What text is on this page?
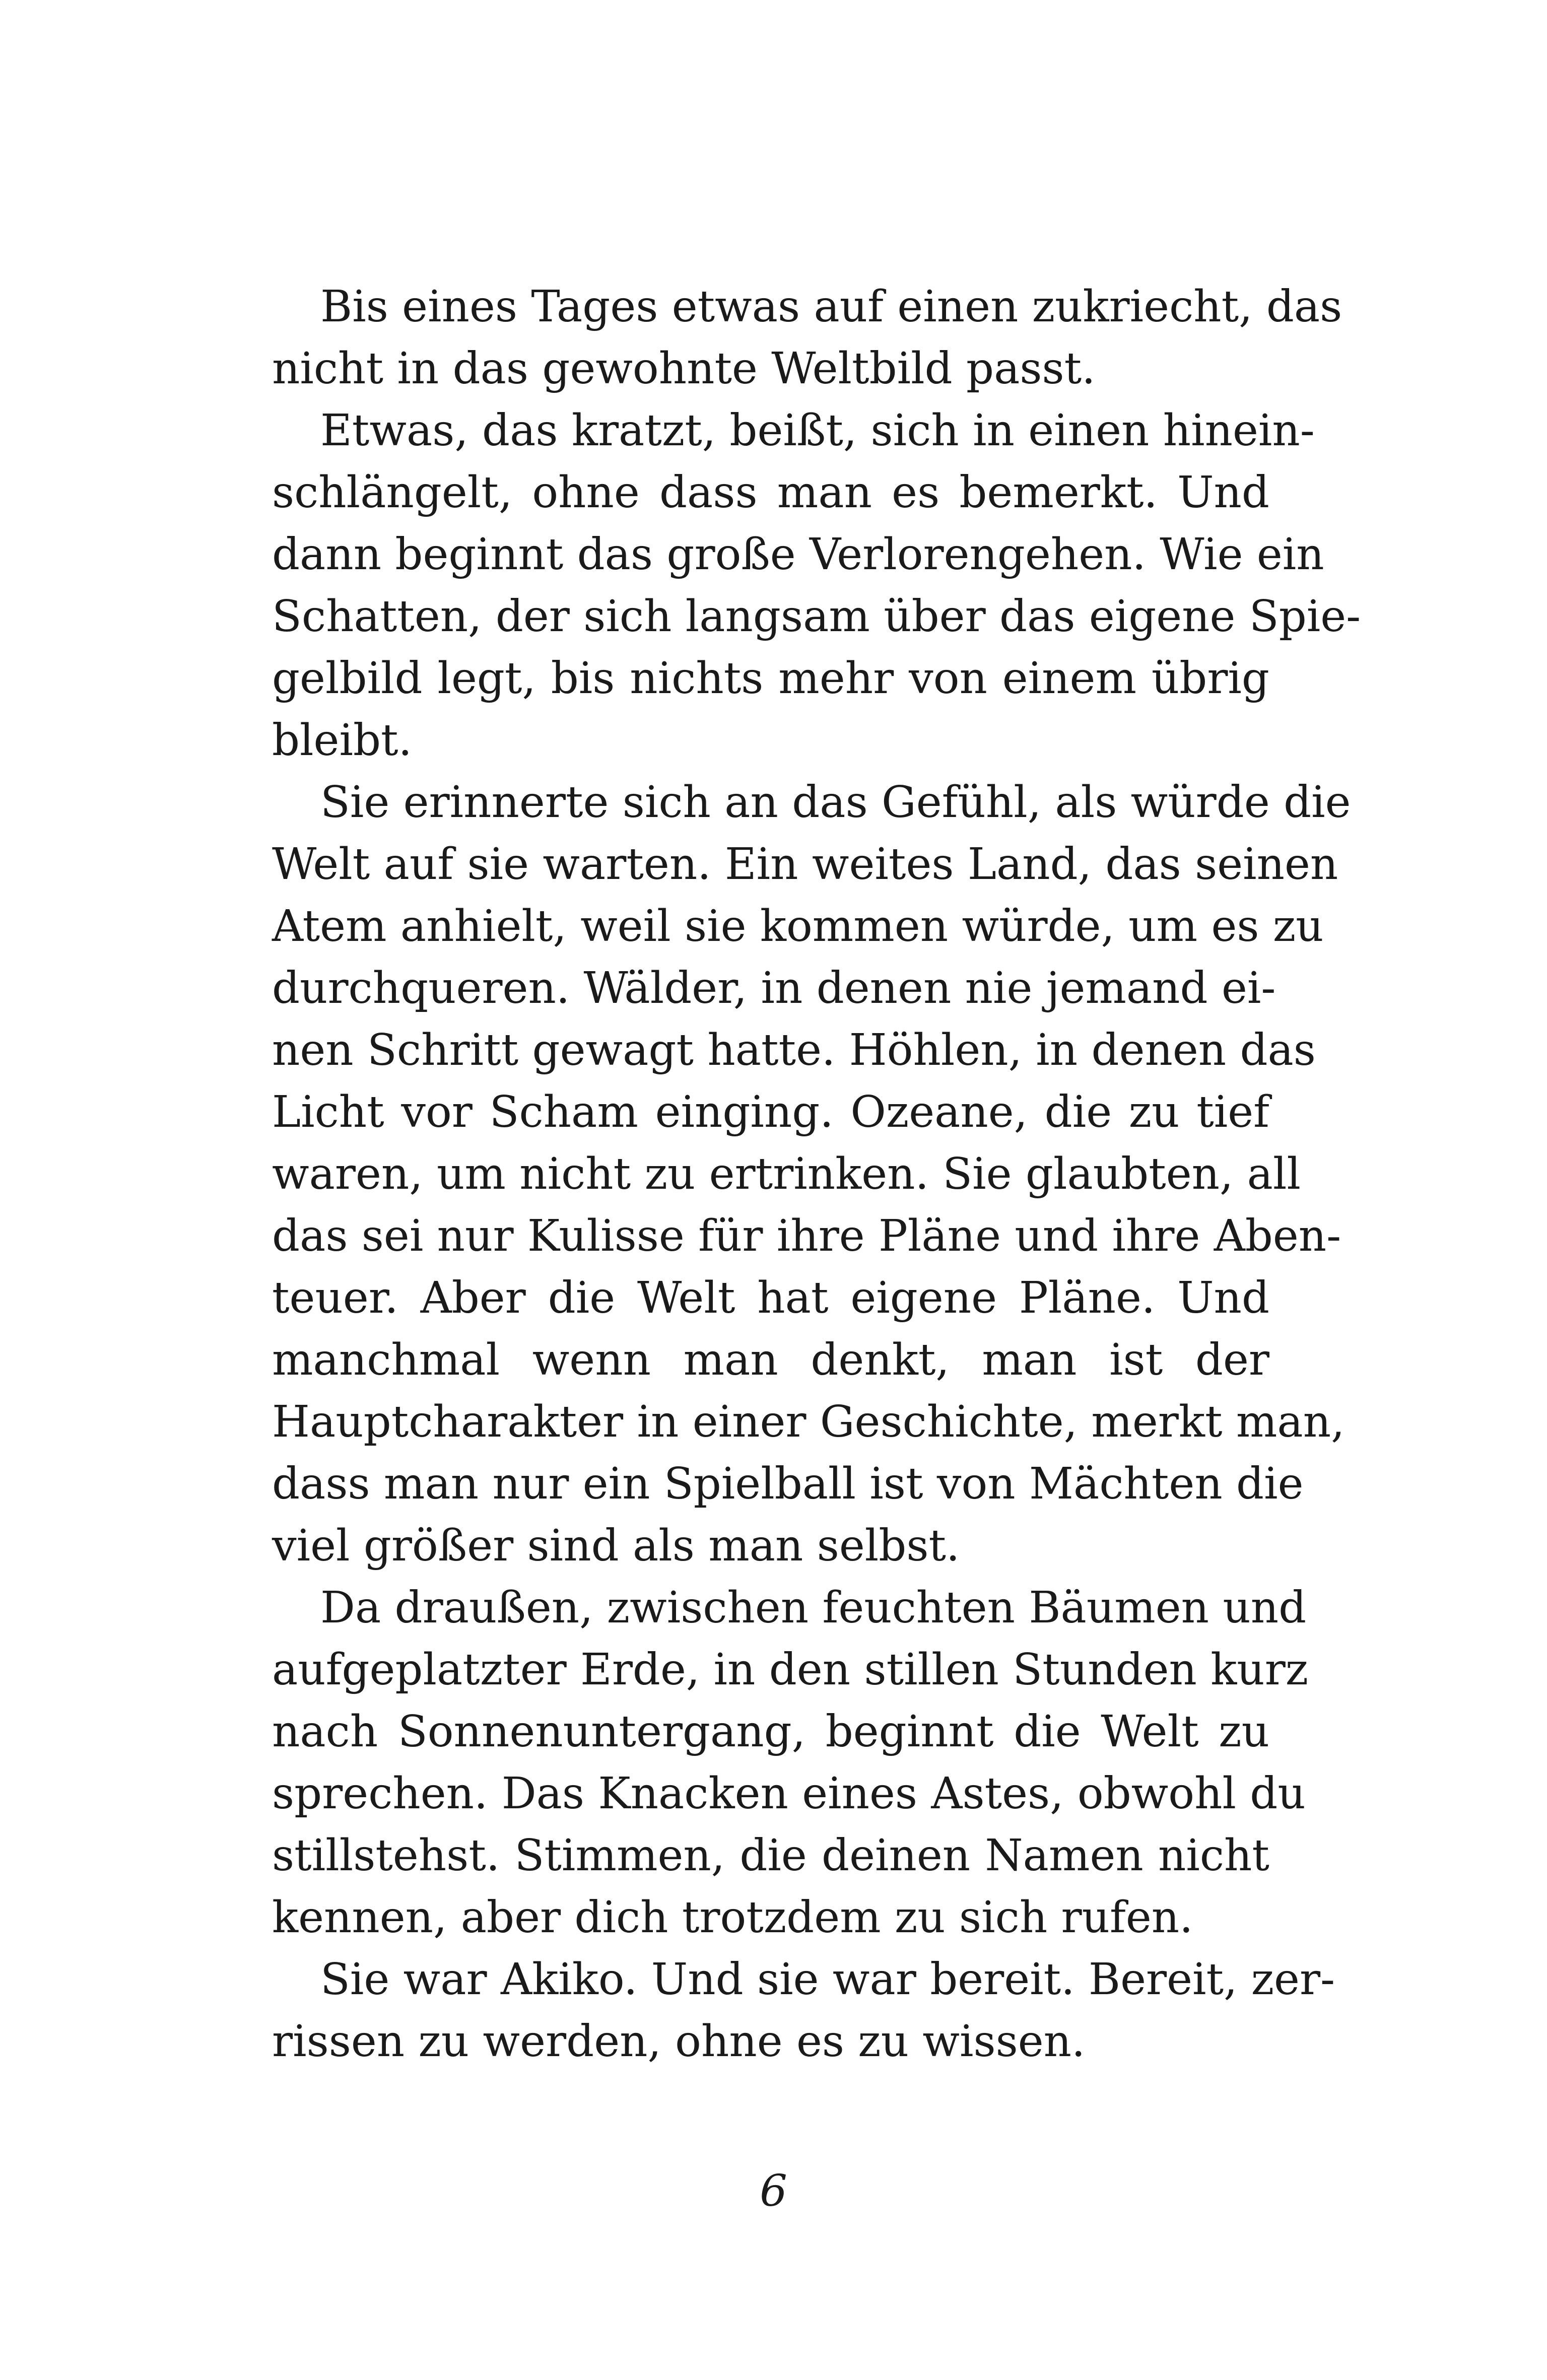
Bis eines Tages etwas auf einen zukriecht, das
nicht in das gewohnte Weltbild passt.
Etwas, das kratzt, beißt, sich in einen hinein-
schlängelt, ohne dass man es bemerkt. Und
dann beginnt das große Verlorengehen. Wie ein
Schatten, der sich langsam über das eigene Spie-
gelbild legt, bis nichts mehr von einem übrig
bleibt.
Sie erinnerte sich an das Gefühl, als würde die
Welt auf sie warten. Ein weites Land, das seinen
Atem anhielt, weil sie kommen würde, um es zu
durchqueren. Wälder, in denen nie jemand ei-
nen Schritt gewagt hatte. Höhlen, in denen das
Licht vor Scham einging. Ozeane, die zu tief
waren, um nicht zu ertrinken. Sie glaubten, all
das sei nur Kulisse für ihre Pläne und ihre Aben-
teuer. Aber die Welt hat eigene Pläne. Und
manchmal wenn man denkt, man ist der
Hauptcharakter in einer Geschichte, merkt man,
dass man nur ein Spielball ist von Mächten die
viel größer sind als man selbst.
Da draußen, zwischen feuchten Bäumen und
aufgeplatzter Erde, in den stillen Stunden kurz
nach Sonnenuntergang, beginnt die Welt zu
sprechen. Das Knacken eines Astes, obwohl du
stillstehst. Stimmen, die deinen Namen nicht
kennen, aber dich trotzdem zu sich rufen.
Sie war Akiko. Und sie war bereit. Bereit, zer-
rissen zu werden, ohne es zu wissen.
6
